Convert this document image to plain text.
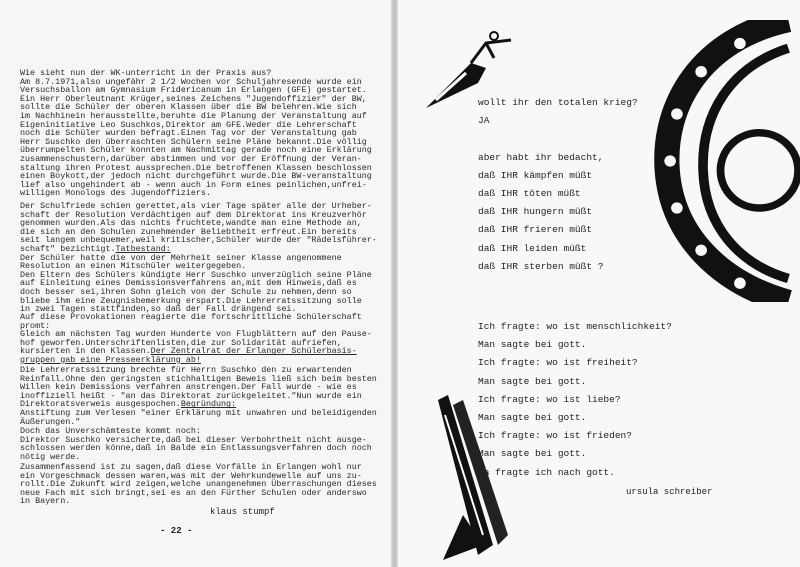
Wie sieht nun der WK-unterricht in der Praxis aus?
Am 8.7.1971,also ungefähr 2 1/2 Wochen vor Schuljahresende wurde ein
Versuchsballon am Gymnasium Fridericanum in Erlangen (GFE) gestartet.
Ein Herr Oberleutnant Krüger,seines Zeichens "Jugendoffizier" der BW,
sollte die Schüler der oberen Klassen über die BW belehren.Wie sich
im Nachhinein herausstellte,beruhte die Planung der Veranstaltung auf
Eigeninitiative Leo Suschkos,Direktor am GFE.Weder die Lehrerschaft
noch die Schüler wurden befragt.Einen Tag vor der Veranstaltung gab
Herr Suschko den überraschten Schülern seine Pläne bekannt.Die völlig
überrumpelten Schüler konnten am Nachmittag gerade noch eine Erklärung
zusammenschustern,darüber abstimmen und vor der Eröffnung der Veran-
staltung ihren Protest aussprechen.Die betroffenen Klassen beschlossen
einen Boykott,der jedoch nicht durchgeführt wurde.Die BW-veranstaltung
lief also ungehindert ab - wenn auch in Form eines peinlichen,unfrei-
willigen Monologs des Jugendoffiziers.
Der Schulfriede schien gerettet,als vier Tage später alle der Urheber-
schaft der Resolution Verdächtigen auf dem Direktorat ins Kreuzverhör
genommen wurden.Als das nichts fruchtete,wandte man eine Methode an,
die sich an den Schulen zunehmender Beliebtheit erfreut.Ein bereits
seit langem unbequemer,weil kritischer,Schüler wurde der "Rädelsführer-
schaft" bezichtigt.Tatbestand:
Der Schüler hatte die von der Mehrheit seiner Klasse angenommene
Resolution an einen Mitschüler weitergegeben.
Den Eltern des Schülers kündigte Herr Suschko unverzüglich seine Pläne
auf Einleitung eines Demissionsverfahrens an,mit dem Hinweis,daß es
doch besser sei,ihren Sohn gleich von der Schule zu nehmen,denn so
bliebe ihm eine Zeugnisbemerkung erspart.Die Lehrerratssitzung solle
in zwei Tagen stattfinden,so daß der Fall drängend sei.
Auf diese Provokationen reagierte die fortschrittliche Schülerschaft
promt:
Gleich am nächsten Tag wurden Hunderte von Flugblättern auf den Pause-
hof geworfen.Unterschriftenlisten,die zur Solidarität aufriefen,
kursierten in den Klassen.Der Zentralrat der Erlanger Schülerbasis-
gruppen gab eine Presseerklärung ab!
Die Lehrerratssitzung brechte für Herrn Suschko den zu erwartenden
Reinfall.Ohne den geringsten stichhaltigen Beweis ließ sich beim besten
Willen kein Demissions verfahren anstrengen.Der Fall wurde - wie es
inoffiziell heißt - "an das Direktorat zurückgeleitet."Nun wurde ein
Direktoratsverweis ausgespochen.Begründung:
Anstiftung zum Verlesen "einer Erklärung mit unwahren und beleidigenden
Äußerungen."
Doch das Unverschämteste kommt noch:
Direktor Suschko versicherte,daß bei dieser Verbohrtheit nicht ausge-
schlossen werden könne,daß in Balde ein Entlassungsverfahren doch noch
nötig werde.
Zusammenfassend ist zu sagen,daß diese Vorfälle in Erlangen wohl nur
ein Vorgeschmack dessen waren,was mit der Wehrkundewelle auf uns zu-
rollt.Die Zukunft wird zeigen,welche unangenehmen Überraschungen dieses
neue Fach mit sich bringt,sei es an den Fürther Schulen oder anderswo
in Bayern.
klaus stumpf
- 22 -
wollt ihr den totalen krieg?
JA
aber habt ihr bedacht,
daß IHR kämpfen müßt
daß IHR töten müßt
daß IHR hungern müßt
daß IHR frieren müßt
daß IHR leiden müßt
daß IHR sterben müßt ?
Ich fragte: wo ist menschlichkeit?
Man sagte bei gott.
Ich fragte: wo ist freiheit?
Man sagte bei gott.
Ich fragte: wo ist liebe?
Man sagte bei gott.
Ich fragte: wo ist frieden?
Man sagte bei gott.
Da fragte ich nach gott.
ursula schreiber
